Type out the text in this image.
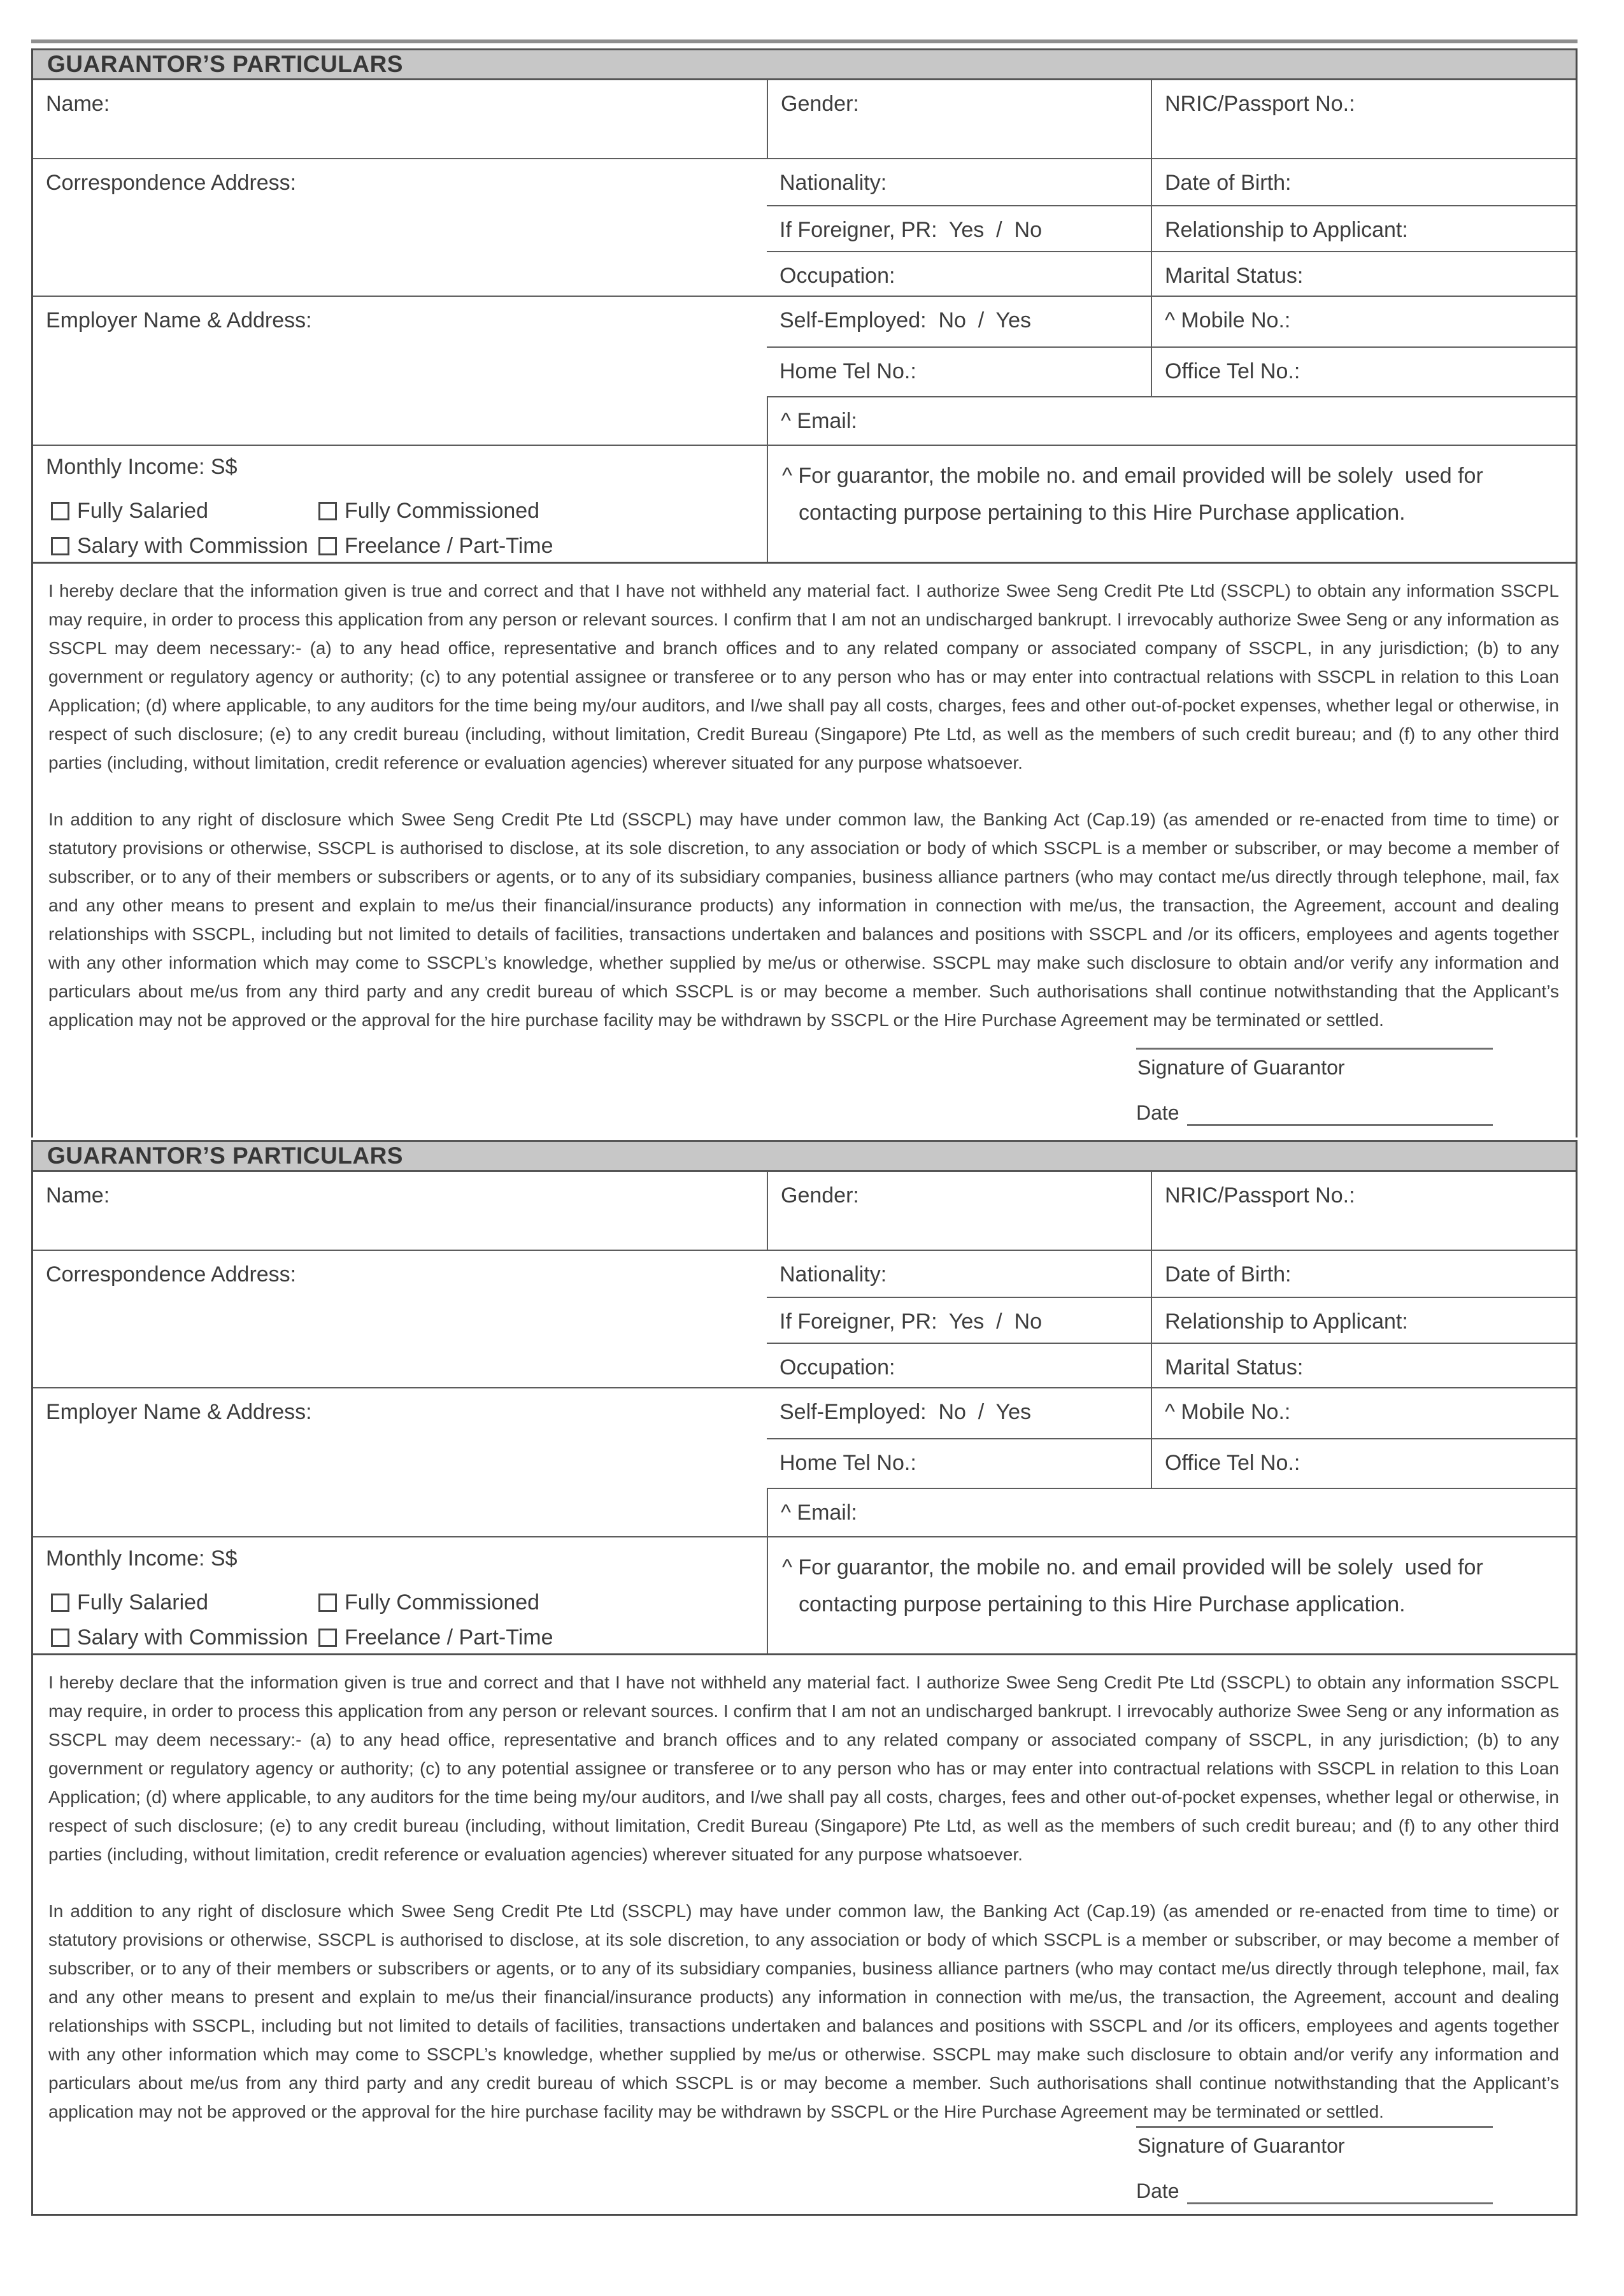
GUARANTOR’S PARTICULARS
Name:	Gender:	NRIC/Passport No.:
Correspondence Address:	Nationality:	Date of Birth:
If Foreigner, PR:  Yes  /  No	Relationship to Applicant:
Occupation:	Marital Status:
Employer Name & Address:	Self-Employed:  No  /  Yes	^ Mobile No.:
Home Tel No.:	Office Tel No.:
^ Email:
Monthly Income: S$
Fully Salaried	Fully Commissioned
Salary with Commission Freelance / Part-Time
^ For guarantor, the mobile no. and email provided will be solely  used for contacting purpose pertaining to this Hire Purchase application.

I hereby declare that the information given is true and correct and that I have not withheld any material fact. I authorize Swee Seng Credit Pte Ltd (SSCPL) to obtain any information SSCPL may require, in order to process this application from any person or relevant sources. I confirm that I am not an undischarged bankrupt. I irrevocably authorize Swee Seng or any information as SSCPL may deem necessary:- (a) to any head office, representative and branch offices and to any related company or associated company of SSCPL, in any jurisdiction; (b) to any government or regulatory agency or authority; (c) to any potential assignee or transferee or to any person who has or may enter into contractual relations with SSCPL in relation to this Loan Application; (d) where applicable, to any auditors for the time being my/our auditors, and I/we shall pay all costs, charges, fees and other out-of-pocket expenses, whether legal or otherwise, in respect of such disclosure; (e) to any credit bureau (including, without limitation, Credit Bureau (Singapore) Pte Ltd, as well as the members of such credit bureau; and (f) to any other third parties (including, without limitation, credit reference or evaluation agencies) wherever situated for any purpose whatsoever.

In addition to any right of disclosure which Swee Seng Credit Pte Ltd (SSCPL) may have under common law, the Banking Act (Cap.19) (as amended or re-enacted from time to time) or statutory provisions or otherwise, SSCPL is authorised to disclose, at its sole discretion, to any association or body of which SSCPL is a member or subscriber, or may become a member of subscriber, or to any of their members or subscribers or agents, or to any of its subsidiary companies, business alliance partners (who may contact me/us directly through telephone, mail, fax and any other means to present and explain to me/us their financial/insurance products) any information in connection with me/us, the transaction, the Agreement, account and dealing relationships with SSCPL, including but not limited to details of facilities, transactions undertaken and balances and positions with SSCPL and /or its officers, employees and agents together with any other information which may come to SSCPL’s knowledge, whether supplied by me/us or otherwise. SSCPL may make such disclosure to obtain and/or verify any information and particulars about me/us from any third party and any credit bureau of which SSCPL is or may become a member. Such authorisations shall continue notwithstanding that the Applicant’s application may not be approved or the approval for the hire purchase facility may be withdrawn by SSCPL or the Hire Purchase Agreement may be terminated or settled.

Signature of Guarantor
Date
GUARANTOR’S PARTICULARS
Name:	Gender:	NRIC/Passport No.:
Correspondence Address:	Nationality:	Date of Birth:
If Foreigner, PR:  Yes  /  No	Relationship to Applicant:
Occupation:	Marital Status:
Employer Name & Address:	Self-Employed:  No  /  Yes	^ Mobile No.:
Home Tel No.:	Office Tel No.:
^ Email:
Monthly Income: S$
Fully Salaried	Fully Commissioned
Salary with Commission Freelance / Part-Time
^ For guarantor, the mobile no. and email provided will be solely  used for contacting purpose pertaining to this Hire Purchase application.

I hereby declare that the information given is true and correct and that I have not withheld any material fact. I authorize Swee Seng Credit Pte Ltd (SSCPL) to obtain any information SSCPL may require, in order to process this application from any person or relevant sources. I confirm that I am not an undischarged bankrupt. I irrevocably authorize Swee Seng or any information as SSCPL may deem necessary:- (a) to any head office, representative and branch offices and to any related company or associated company of SSCPL, in any jurisdiction; (b) to any government or regulatory agency or authority; (c) to any potential assignee or transferee or to any person who has or may enter into contractual relations with SSCPL in relation to this Loan Application; (d) where applicable, to any auditors for the time being my/our auditors, and I/we shall pay all costs, charges, fees and other out-of-pocket expenses, whether legal or otherwise, in respect of such disclosure; (e) to any credit bureau (including, without limitation, Credit Bureau (Singapore) Pte Ltd, as well as the members of such credit bureau; and (f) to any other third parties (including, without limitation, credit reference or evaluation agencies) wherever situated for any purpose whatsoever.

In addition to any right of disclosure which Swee Seng Credit Pte Ltd (SSCPL) may have under common law, the Banking Act (Cap.19) (as amended or re-enacted from time to time) or statutory provisions or otherwise, SSCPL is authorised to disclose, at its sole discretion, to any association or body of which SSCPL is a member or subscriber, or may become a member of subscriber, or to any of their members or subscribers or agents, or to any of its subsidiary companies, business alliance partners (who may contact me/us directly through telephone, mail, fax and any other means to present and explain to me/us their financial/insurance products) any information in connection with me/us, the transaction, the Agreement, account and dealing relationships with SSCPL, including but not limited to details of facilities, transactions undertaken and balances and positions with SSCPL and /or its officers, employees and agents together with any other information which may come to SSCPL’s knowledge, whether supplied by me/us or otherwise. SSCPL may make such disclosure to obtain and/or verify any information and particulars about me/us from any third party and any credit bureau of which SSCPL is or may become a member. Such authorisations shall continue notwithstanding that the Applicant’s application may not be approved or the approval for the hire purchase facility may be withdrawn by SSCPL or the Hire Purchase Agreement may be terminated or settled.

Signature of Guarantor
Date
